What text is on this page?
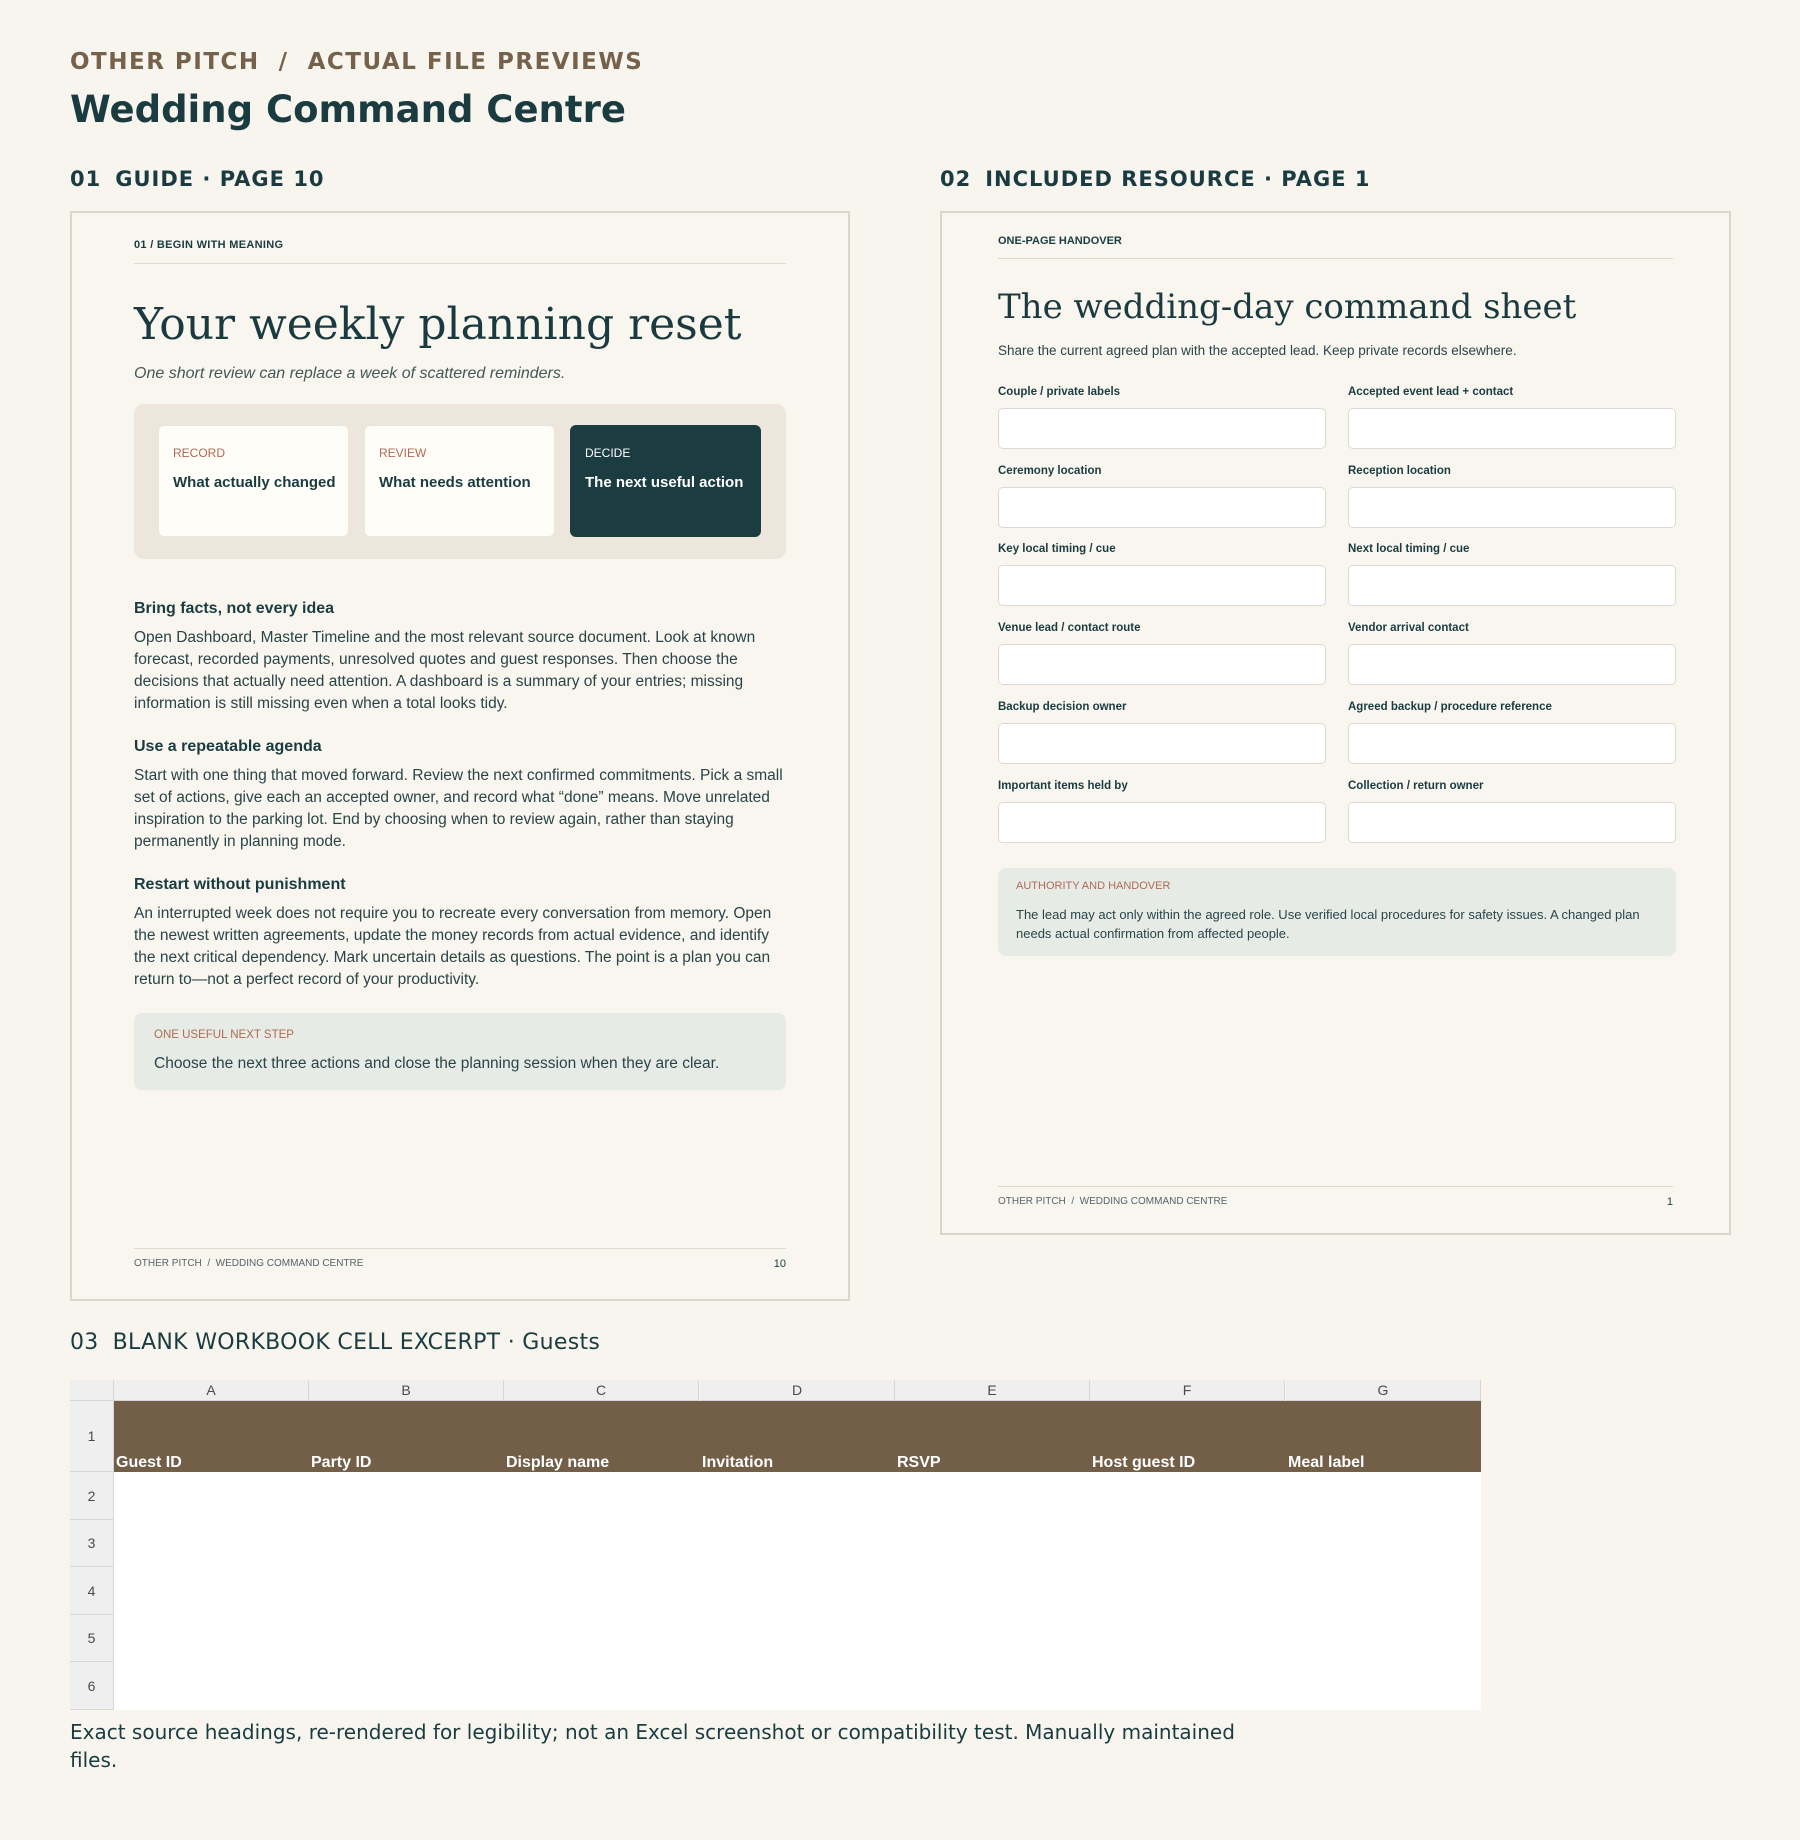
OTHER PITCH  /  ACTUAL FILE PREVIEWS
Wedding Command Centre
01 GUIDE · PAGE 10	02 INCLUDED RESOURCE · PAGE 1
01 / BEGIN WITH MEANING
Your weekly planning reset
One short review can replace a week of scattered reminders.
RECORD
What actually changed
REVIEW
What needs attention
DECIDE
The next useful action
Bring facts, not every idea
Open Dashboard, Master Timeline and the most relevant source document. Look at known forecast, recorded payments, unresolved quotes and guest responses. Then choose the decisions that actually need attention. A dashboard is a summary of your entries; missing information is still missing even when a total looks tidy.
Use a repeatable agenda
Start with one thing that moved forward. Review the next confirmed commitments. Pick a small set of actions, give each an accepted owner, and record what “done” means. Move unrelated inspiration to the parking lot. End by choosing when to review again, rather than staying permanently in planning mode.
Restart without punishment
An interrupted week does not require you to recreate every conversation from memory. Open the newest written agreements, update the money records from actual evidence, and identify the next critical dependency. Mark uncertain details as questions. The point is a plan you can return to—not a perfect record of your productivity.
ONE USEFUL NEXT STEP
Choose the next three actions and close the planning session when they are clear.
OTHER PITCH  /  WEDDING COMMAND CENTRE	10
ONE-PAGE HANDOVER
The wedding-day command sheet
Share the current agreed plan with the accepted lead. Keep private records elsewhere.
Couple / private labels	Accepted event lead + contact
Ceremony location	Reception location
Key local timing / cue	Next local timing / cue
Venue lead / contact route	Vendor arrival contact
Backup decision owner	Agreed backup / procedure reference
Important items held by	Collection / return owner
AUTHORITY AND HANDOVER
The lead may act only within the agreed role. Use verified local procedures for safety issues. A changed plan needs actual confirmation from affected people.
OTHER PITCH  /  WEDDING COMMAND CENTRE	1
03 BLANK WORKBOOK CELL EXCERPT · Guests
A	B	C	D	E	F	G
1
2
3
4
5
6
Guest ID	Party ID	Display name	Invitation	RSVP	Host guest ID	Meal label
Exact source headings, re-rendered for legibility; not an Excel screenshot or compatibility test. Manually maintained files.
